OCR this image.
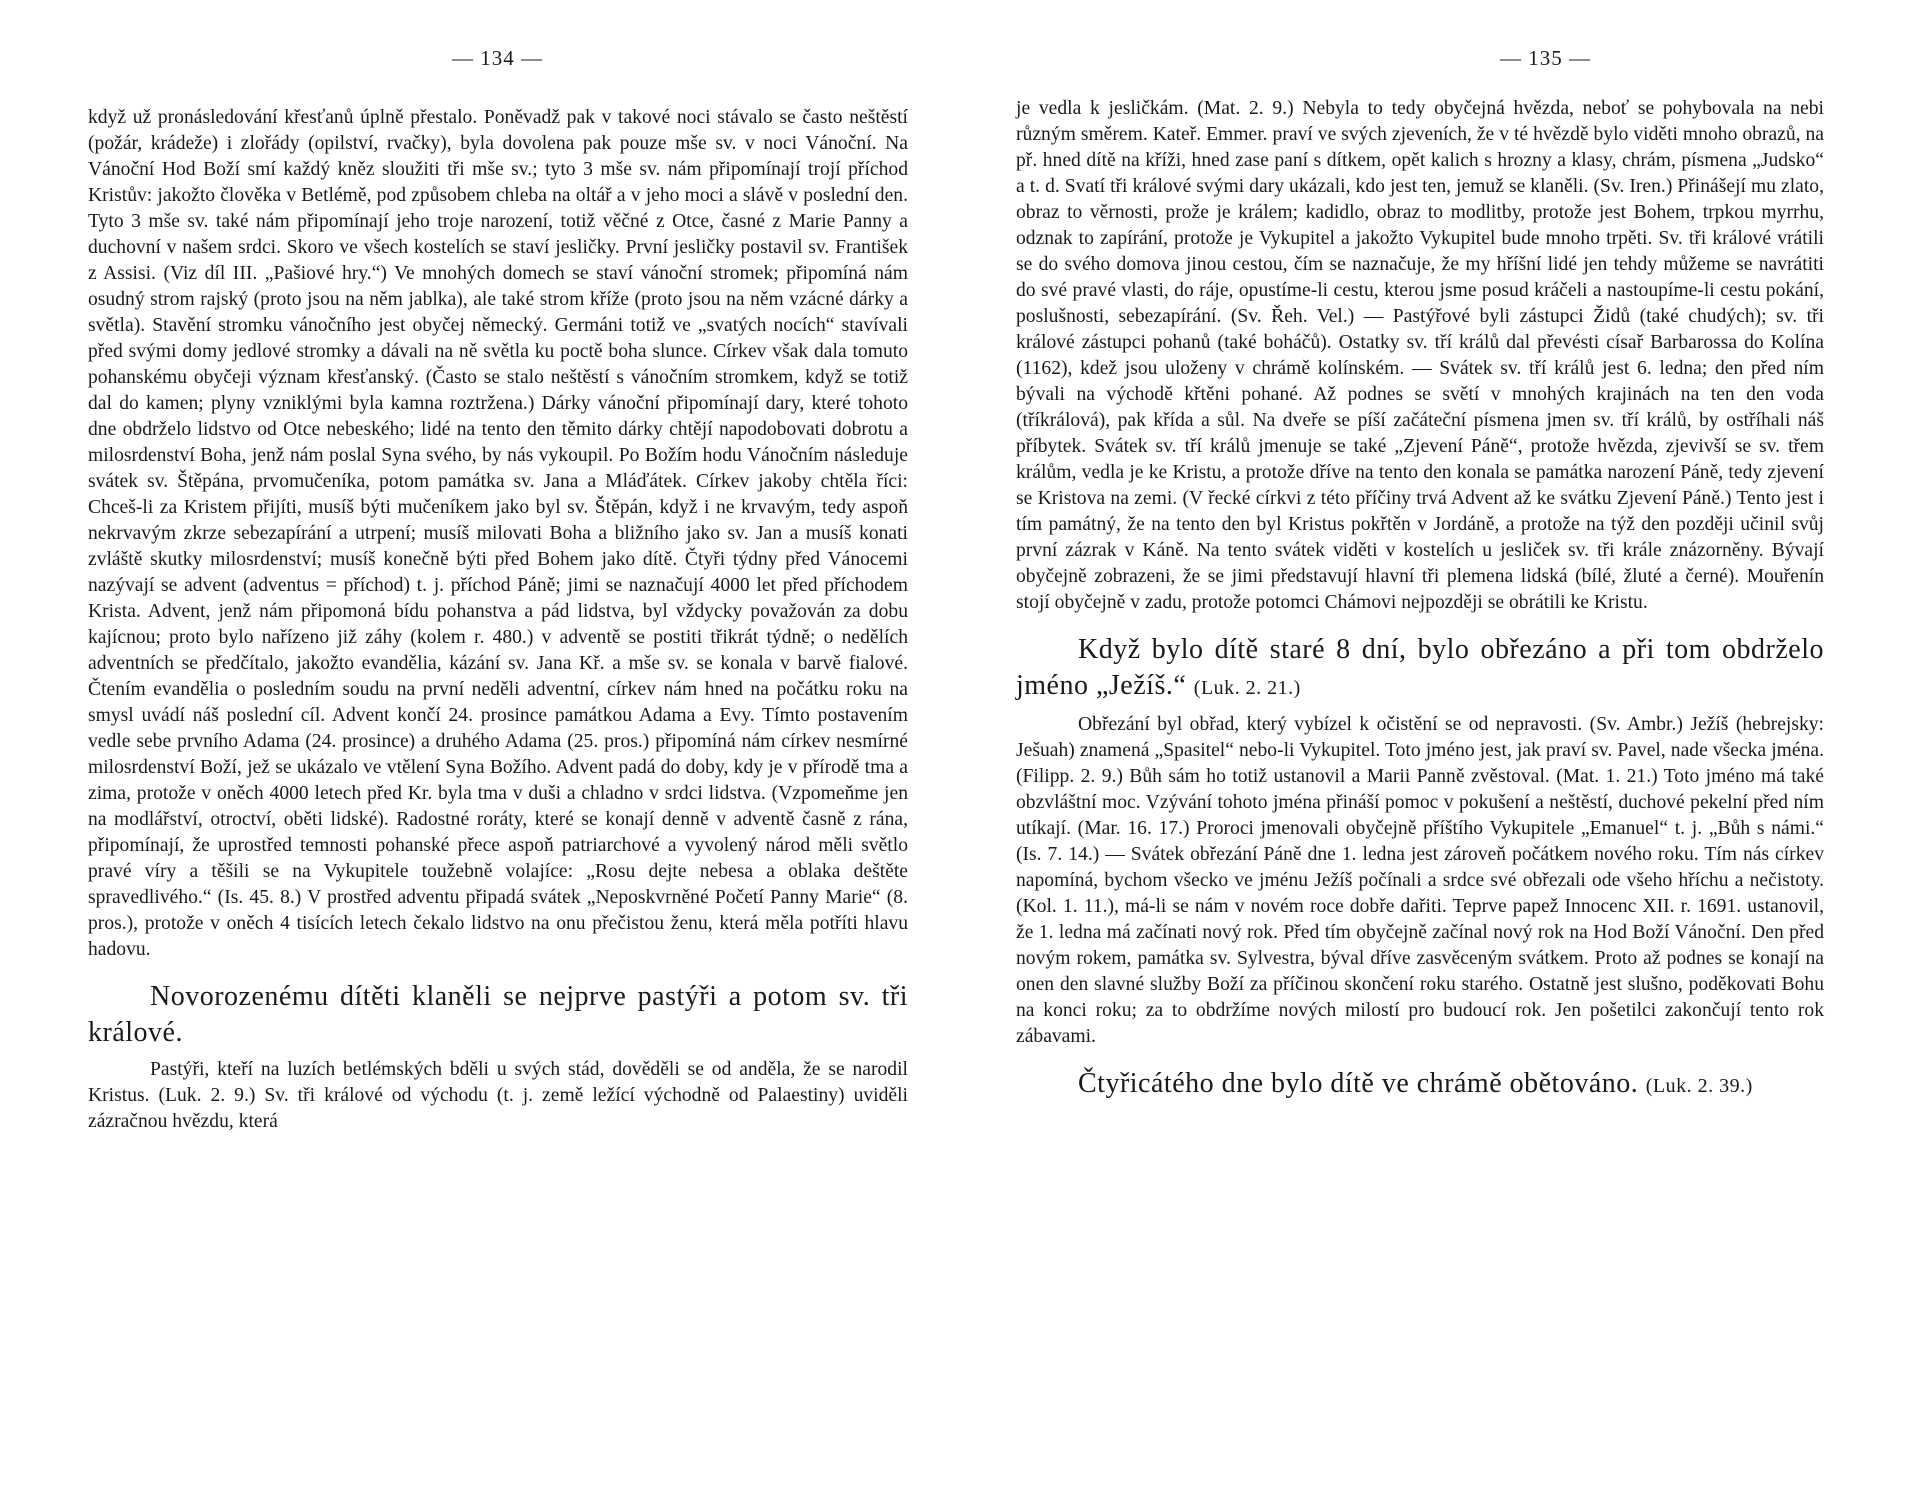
— 134 —

když už pronásledování křesťanů úplně přestalo. Poněvadž pak v takové noci stávalo se často neštěstí (požár, krádeže) i zlořády (opilství, rvačky), byla dovolena pak pouze mše sv. v noci Vánoční. Na Vánoční Hod Boží smí každý kněz sloužiti tři mše sv.; tyto 3 mše sv. nám připomínají trojí příchod Kristův: jakožto člověka v Betlémě, pod způsobem chleba na oltář a v jeho moci a slávě v poslední den. Tyto 3 mše sv. také nám připomínají jeho troje narození, totiž věčné z Otce, časné z Marie Panny a duchovní v našem srdci. Skoro ve všech kostelích se staví jesličky. První jesličky postavil sv. František z Assisi. (Viz díl III. „Pašiové hry.“) Ve mnohých domech se staví vánoční stromek; připomíná nám osudný strom rajský (proto jsou na něm jablka), ale také strom kříže (proto jsou na něm vzácné dárky a světla). Stavění stromku vánočního jest obyčej německý. Germáni totiž ve „svatých nocích“ stavívali před svými domy jedlové stromky a dávali na ně světla ku poctě boha slunce. Církev však dala tomuto pohanskému obyčeji význam křesťanský. (Často se stalo neštěstí s vánočním stromkem, když se totiž dal do kamen; plyny vzniklými byla kamna roztržena.) Dárky vánoční připomínají dary, které tohoto dne obdrželo lidstvo od Otce nebeského; lidé na tento den těmito dárky chtějí napodobovati dobrotu a milosrdenství Boha, jenž nám poslal Syna svého, by nás vykoupil. Po Božím hodu Vánočním následuje svátek sv. Štěpána, prvomučeníka, potom památka sv. Jana a Mláďátek. Církev jakoby chtěla říci: Chceš-li za Kristem přijíti, musíš býti mučeníkem jako byl sv. Štěpán, když i ne krvavým, tedy aspoň nekrvavým zkrze sebezapírání a utrpení; musíš milovati Boha a bližního jako sv. Jan a musíš konati zvláště skutky milosrdenství; musíš konečně býti před Bohem jako dítě. Čtyři týdny před Vánocemi nazývají se advent (adventus = příchod) t. j. příchod Páně; jimi se naznačují 4000 let před příchodem Krista. Advent, jenž nám připomoná bídu pohanstva a pád lidstva, byl vždycky považován za dobu kajícnou; proto bylo nařízeno již záhy (kolem r. 480.) v adventě se postiti třikrát týdně; o nedělích adventních se předčítalo, jakožto evandělia, kázání sv. Jana Kř. a mše sv. se konala v barvě fialové. Čtením evandělia o posledním soudu na první neděli adventní, církev nám hned na počátku roku na smysl uvádí náš poslední cíl. Advent končí 24. prosince památkou Adama a Evy. Tímto postavením vedle sebe prvního Adama (24. prosince) a druhého Adama (25. pros.) připomíná nám církev nesmírné milosrdenství Boží, jež se ukázalo ve vtělení Syna Božího. Advent padá do doby, kdy je v přírodě tma a zima, protože v oněch 4000 letech před Kr. byla tma v duši a chladno v srdci lidstva. (Vzpomeňme jen na modlářství, otroctví, oběti lidské). Radostné roráty, které se konají denně v adventě časně z rána, připomínají, že uprostřed temnosti pohanské přece aspoň patriarchové a vyvolený národ měli světlo pravé víry a těšili se na Vykupitele toužebně volajíce: „Rosu dejte nebesa a oblaka deštěte spravedlivého.“ (Is. 45. 8.) V prostřed adventu připadá svátek „Neposkvrněné Početí Panny Marie“ (8. pros.), protože v oněch 4 tisících letech čekalo lidstvo na onu přečistou ženu, která měla potříti hlavu hadovu.

Novorozenému dítěti klaněli se nejprve pastýři a potom sv. tři králové.

Pastýři, kteří na luzích betlémských bděli u svých stád, dověděli se od anděla, že se narodil Kristus. (Luk. 2. 9.) Sv. tři králové od východu (t. j. země ležící východně od Palaestiny) uviděli zázračnou hvězdu, která

— 135 —

je vedla k jesličkám. (Mat. 2. 9.) Nebyla to tedy obyčejná hvězda, neboť se pohybovala na nebi různým směrem. Kateř. Emmer. praví ve svých zjeveních, že v té hvězdě bylo viděti mnoho obrazů, na př. hned dítě na kříži, hned zase paní s dítkem, opět kalich s hrozny a klasy, chrám, písmena „Judsko“ a t. d. Svatí tři králové svými dary ukázali, kdo jest ten, jemuž se klaněli. (Sv. Iren.) Přinášejí mu zlato, obraz to věrnosti, prože je králem; kadidlo, obraz to modlitby, protože jest Bohem, trpkou myrrhu, odznak to zapírání, protože je Vykupitel a jakožto Vykupitel bude mnoho trpěti. Sv. tři králové vrátili se do svého domova jinou cestou, čím se naznačuje, že my hříšní lidé jen tehdy můžeme se navrátiti do své pravé vlasti, do ráje, opustíme-li cestu, kterou jsme posud kráčeli a nastoupíme-li cestu pokání, poslušnosti, sebezapírání. (Sv. Řeh. Vel.) — Pastýřové byli zástupci Židů (také chudých); sv. tři králové zástupci pohanů (také boháčů). Ostatky sv. tří králů dal převésti císař Barbarossa do Kolína (1162), kdež jsou uloženy v chrámě kolínském. — Svátek sv. tří králů jest 6. ledna; den před ním bývali na východě křtěni pohané. Až podnes se světí v mnohých krajinách na ten den voda (tříkrálová), pak křída a sůl. Na dveře se píší začáteční písmena jmen sv. tří králů, by ostříhali náš příbytek. Svátek sv. tří králů jmenuje se také „Zjevení Páně“, protože hvězda, zjevivší se sv. třem králům, vedla je ke Kristu, a protože dříve na tento den konala se památka narození Páně, tedy zjevení se Kristova na zemi. (V řecké církvi z této příčiny trvá Advent až ke svátku Zjevení Páně.) Tento jest i tím památný, že na tento den byl Kristus pokřtěn v Jordáně, a protože na týž den později učinil svůj první zázrak v Káně. Na tento svátek viděti v kostelích u jesliček sv. tři krále znázorněny. Bývají obyčejně zobrazeni, že se jimi představují hlavní tři plemena lidská (bílé, žluté a černé). Mouřenín stojí obyčejně v zadu, protože potomci Chámovi nejpozději se obrátili ke Kristu.

Když bylo dítě staré 8 dní, bylo obřezáno a při tom obdrželo jméno „Ježíš.“ (Luk. 2. 21.)

Obřezání byl obřad, který vybízel k očistění se od nepravosti. (Sv. Ambr.) Ježíš (hebrejsky: Ješuah) znamená „Spasitel“ nebo-li Vykupitel. Toto jméno jest, jak praví sv. Pavel, nade všecka jména. (Filipp. 2. 9.) Bůh sám ho totiž ustanovil a Marii Panně zvěstoval. (Mat. 1. 21.) Toto jméno má také obzvláštní moc. Vzývání tohoto jména přináší pomoc v pokušení a neštěstí, duchové pekelní před ním utíkají. (Mar. 16. 17.) Proroci jmenovali obyčejně příštího Vykupitele „Emanuel“ t. j. „Bůh s námi.“ (Is. 7. 14.) — Svátek obřezání Páně dne 1. ledna jest zároveň počátkem nového roku. Tím nás církev napomíná, bychom všecko ve jménu Ježíš počínali a srdce své obřezali ode všeho hříchu a nečistoty. (Kol. 1. 11.), má-li se nám v novém roce dobře dařiti. Teprve papež Innocenc XII. r. 1691. ustanovil, že 1. ledna má začínati nový rok. Před tím obyčejně začínal nový rok na Hod Boží Vánoční. Den před novým rokem, památka sv. Sylvestra, býval dříve zasvěceným svátkem. Proto až podnes se konají na onen den slavné služby Boží za příčinou skončení roku starého. Ostatně jest slušno, poděkovati Bohu na konci roku; za to obdržíme nových milostí pro budoucí rok. Jen pošetilci zakončují tento rok zábavami.

Čtyřicátého dne bylo dítě ve chrámě obětováno. (Luk. 2. 39.)
